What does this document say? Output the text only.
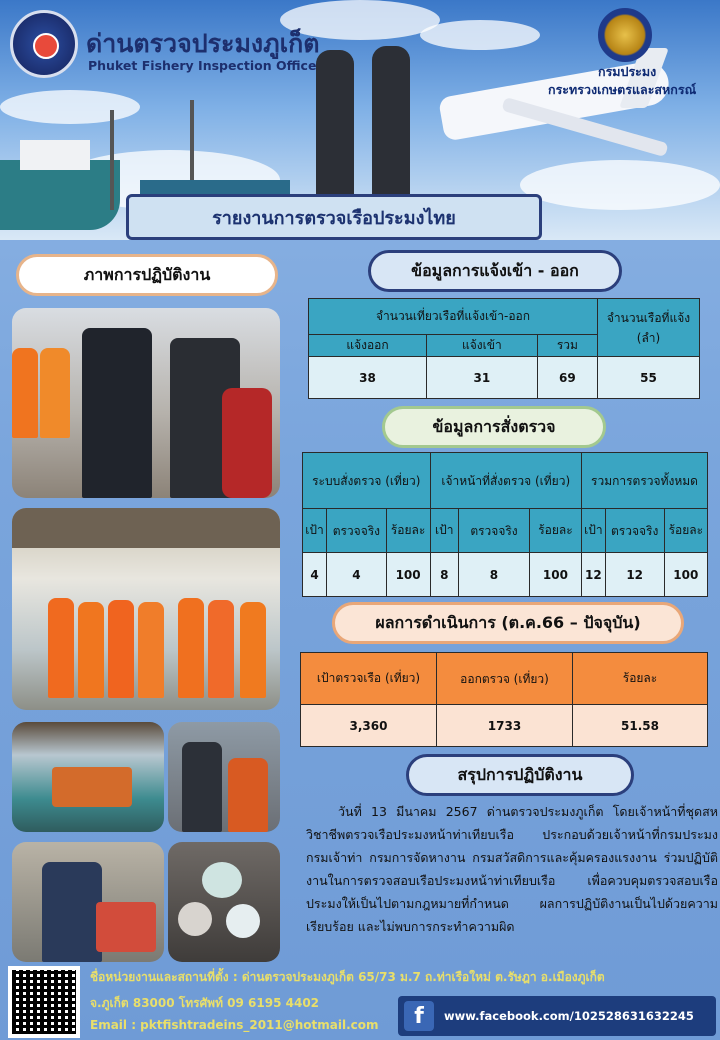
ด่านตรวจประมงภูเก็ต
Phuket Fishery Inspection Office	กรมประมง
กระทรวงเกษตรและสหกรณ์
รายงานการตรวจเรือประมงไทย
ภาพการปฏิบัติงาน	ข้อมูลการแจ้งเข้า - ออก
จำนวนเที่ยวเรือที่แจ้งเข้า-ออก			จำนวนเรือที่แจ้ง (ลำ)
แจ้งออก	แจ้งเข้า	รวม	
38	31	69	55
ข้อมูลการสั่งตรวจ
ระบบสั่งตรวจ (เที่ยว)			เจ้าหน้าที่สั่งตรวจ (เที่ยว)			รวมการตรวจทั้งหมด		
เป้า	ตรวจจริง	ร้อยละ	เป้า	ตรวจจริง	ร้อยละ	เป้า	ตรวจจริง	ร้อยละ
4	4	100	8	8	100	12	12	100
ผลการดำเนินการ (ต.ค.66 – ปัจจุบัน)
เป้าตรวจเรือ (เที่ยว)	ออกตรวจ (เที่ยว)	ร้อยละ
3,360	1733	51.58
สรุปการปฏิบัติงาน
วันที่ 13 มีนาคม 2567 ด่านตรวจประมงภูเก็ต โดยเจ้าหน้าที่ชุดสหวิชาชีพตรวจเรือประมงหน้าท่าเทียบเรือ ประกอบด้วยเจ้าหน้าที่กรมประมง กรมเจ้าท่า กรมการจัดหางาน กรมสวัสดิการและคุ้มครองแรงงาน ร่วมปฏิบัติงานในการตรวจสอบเรือประมงหน้าท่าเทียบเรือ เพื่อควบคุมตรวจสอบเรือประมงให้เป็นไปตามกฎหมายที่กำหนด ผลการปฏิบัติงานเป็นไปด้วยความเรียบร้อย และไม่พบการกระทำความผิด
ชื่อหน่วยงานและสถานที่ตั้ง : ด่านตรวจประมงภูเก็ต 65/73 ม.7 ถ.ท่าเรือใหม่ ต.รัษฎา อ.เมืองภูเก็ต
จ.ภูเก็ต 83000 โทรศัพท์ 09 6195 4402
Email : pktfishtradeins_2011@hotmail.com	f	www.facebook.com/102528631632245
